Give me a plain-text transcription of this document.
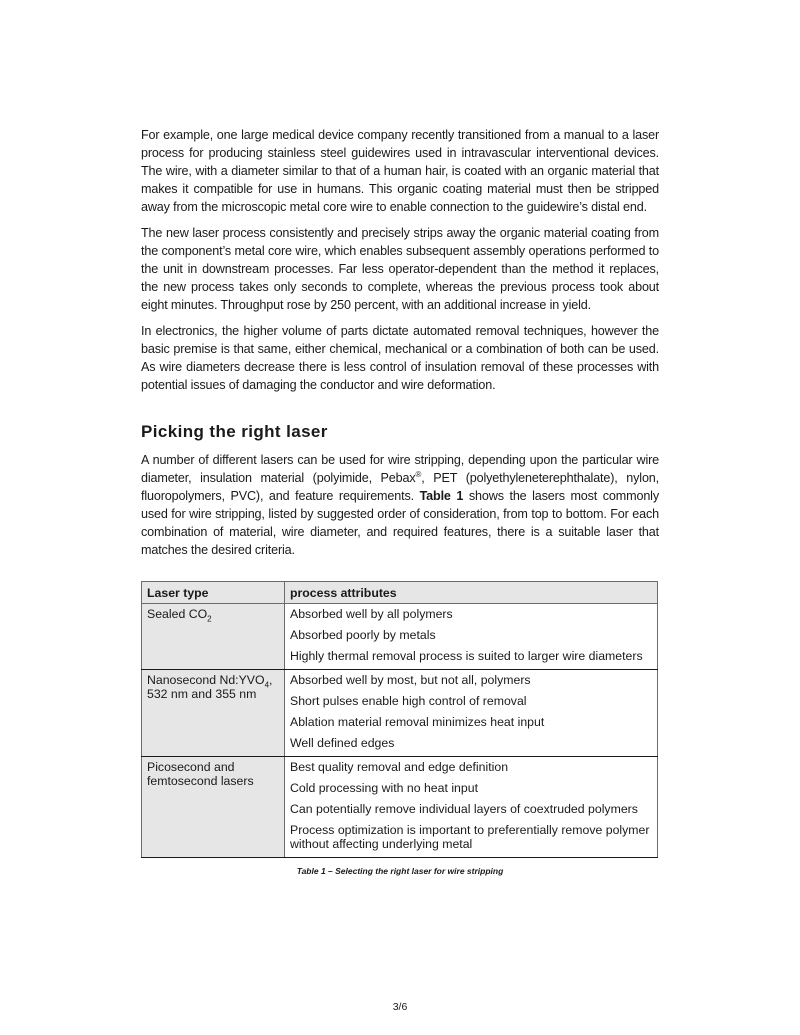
For example, one large medical device company recently transitioned from a manual to a laser process for producing stainless steel guidewires used in intravascular interventional devices. The wire, with a diameter similar to that of a human hair, is coated with an organic material that makes it compatible for use in humans. This organic coating material must then be stripped away from the microscopic metal core wire to enable connection to the guidewire’s distal end.

The new laser process consistently and precisely strips away the organic material coating from the component’s metal core wire, which enables subsequent assembly operations performed to the unit in downstream processes. Far less operator-dependent than the method it replaces, the new process takes only seconds to complete, whereas the previous process took about eight minutes. Throughput rose by 250 percent, with an additional increase in yield.

In electronics, the higher volume of parts dictate automated removal techniques, however the basic premise is that same, either chemical, mechanical or a combination of both can be used. As wire diameters decrease there is less control of insulation removal of these processes with potential issues of damaging the conductor and wire deformation.

Picking the right laser

A number of different lasers can be used for wire stripping, depending upon the particular wire diameter, insulation material (polyimide, Pebax®, PET (polyethyleneterephthalate), nylon, fluoropolymers, PVC), and feature requirements. Table 1 shows the lasers most commonly used for wire stripping, listed by suggested order of consideration, from top to bottom. For each combination of material, wire diameter, and required features, there is a suitable laser that matches the desired criteria.

Laser type	process attributes
Sealed $CO_2$	Absorbed well by all polymers
Absorbed poorly by metals
Highly thermal removal process is suited to larger wire diameters

Nanosecond $Nd:YVO_4$, 532 nm and 355 nm	Absorbed well by most, but not all, polymers
Short pulses enable high control of removal
Ablation material removal minimizes heat input
Well defined edges

Picosecond and femtosecond lasers	Best quality removal and edge definition
Cold processing with no heat input
Can potentially remove individual layers of coextruded polymers
Process optimization is important to preferentially remove polymer without affecting underlying metal
Table 1 – Selecting the right laser for wire stripping
3/6
